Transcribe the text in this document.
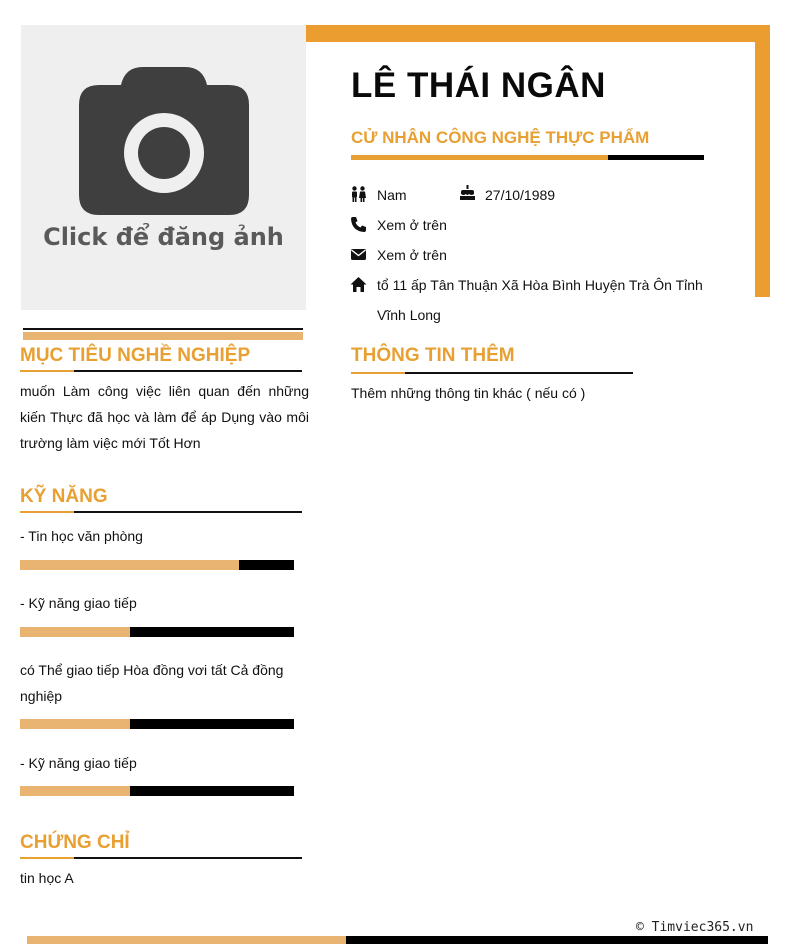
Click để đăng ảnh
LÊ THÁI NGÂN
CỬ NHÂN CÔNG NGHỆ THỰC PHẨM
Nam	27/10/1989
Xem ở trên
Xem ở trên
tổ 11 ấp Tân Thuận Xã Hòa Bình Huyện Trà Ôn Tỉnh
Vĩnh Long
MỤC TIÊU NGHỀ NGHIỆP
muốn Làm công việc liên quan đến những kiến Thực đã học và làm để áp Dụng vào môi trường làm việc mới Tốt Hơn
KỸ NĂNG
- Tin học văn phòng
- Kỹ năng giao tiếp
có Thể giao tiếp Hòa đồng vơi tất Cả đồng nghiệp
- Kỹ năng giao tiếp
CHỨNG CHỈ
tin học A
THÔNG TIN THÊM
Thêm những thông tin khác ( nếu có )
© Timviec365.vn
